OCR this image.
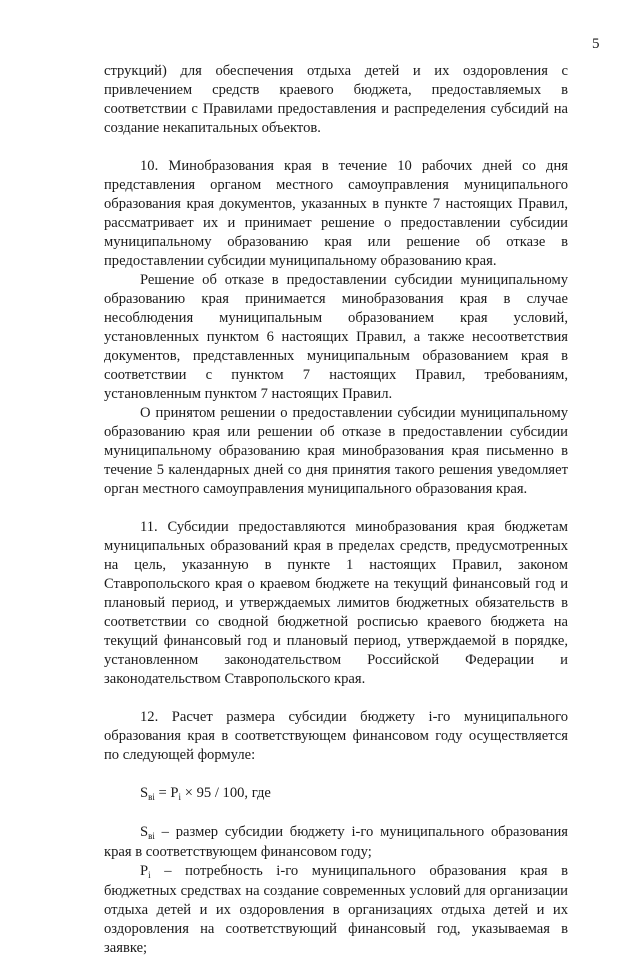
5

струкций) для обеспечения отдыха детей и их оздоровления с привлечением средств краевого бюджета, предоставляемых в соответствии с Правилами предоставления и распределения субсидий на создание некапитальных объектов.

10. Минобразования края в течение 10 рабочих дней со дня представления органом местного самоуправления муниципального образования края документов, указанных в пункте 7 настоящих Правил, рассматривает их и принимает решение о предоставлении субсидии муниципальному образованию края или решение об отказе в предоставлении субсидии муниципальному образованию края.

Решение об отказе в предоставлении субсидии муниципальному образованию края принимается минобразования края в случае несоблюдения муниципальным образованием края условий, установленных пунктом 6 настоящих Правил, а также несоответствия документов, представленных муниципальным образованием края в соответствии с пунктом 7 настоящих Правил, требованиям, установленным пунктом 7 настоящих Правил.

О принятом решении о предоставлении субсидии муниципальному образованию края или решении об отказе в предоставлении субсидии муниципальному образованию края минобразования края письменно в течение 5 календарных дней со дня принятия такого решения уведомляет орган местного самоуправления муниципального образования края.

11. Субсидии предоставляются минобразования края бюджетам муниципальных образований края в пределах средств, предусмотренных на цель, указанную в пункте 1 настоящих Правил, законом Ставропольского края о краевом бюджете на текущий финансовый год и плановый период, и утверждаемых лимитов бюджетных обязательств в соответствии со сводной бюджетной росписью краевого бюджета на текущий финансовый год и плановый период, утверждаемой в порядке, установленном законодательством Российской Федерации и законодательством Ставропольского края.

12. Расчет размера субсидии бюджету i-го муниципального образования края в соответствующем финансовом году осуществляется по следующей формуле:

$S_{вi} = P_i \times 95 / 100$, где

$S_{вi}$ – размер субсидии бюджету i-го муниципального образования края в соответствующем финансовом году;

$P_i$ – потребность i-го муниципального образования края в бюджетных средствах на создание современных условий для организации отдыха детей и их оздоровления в организациях отдыха детей и их оздоровления на соответствующий финансовый год, указываемая в заявке;
